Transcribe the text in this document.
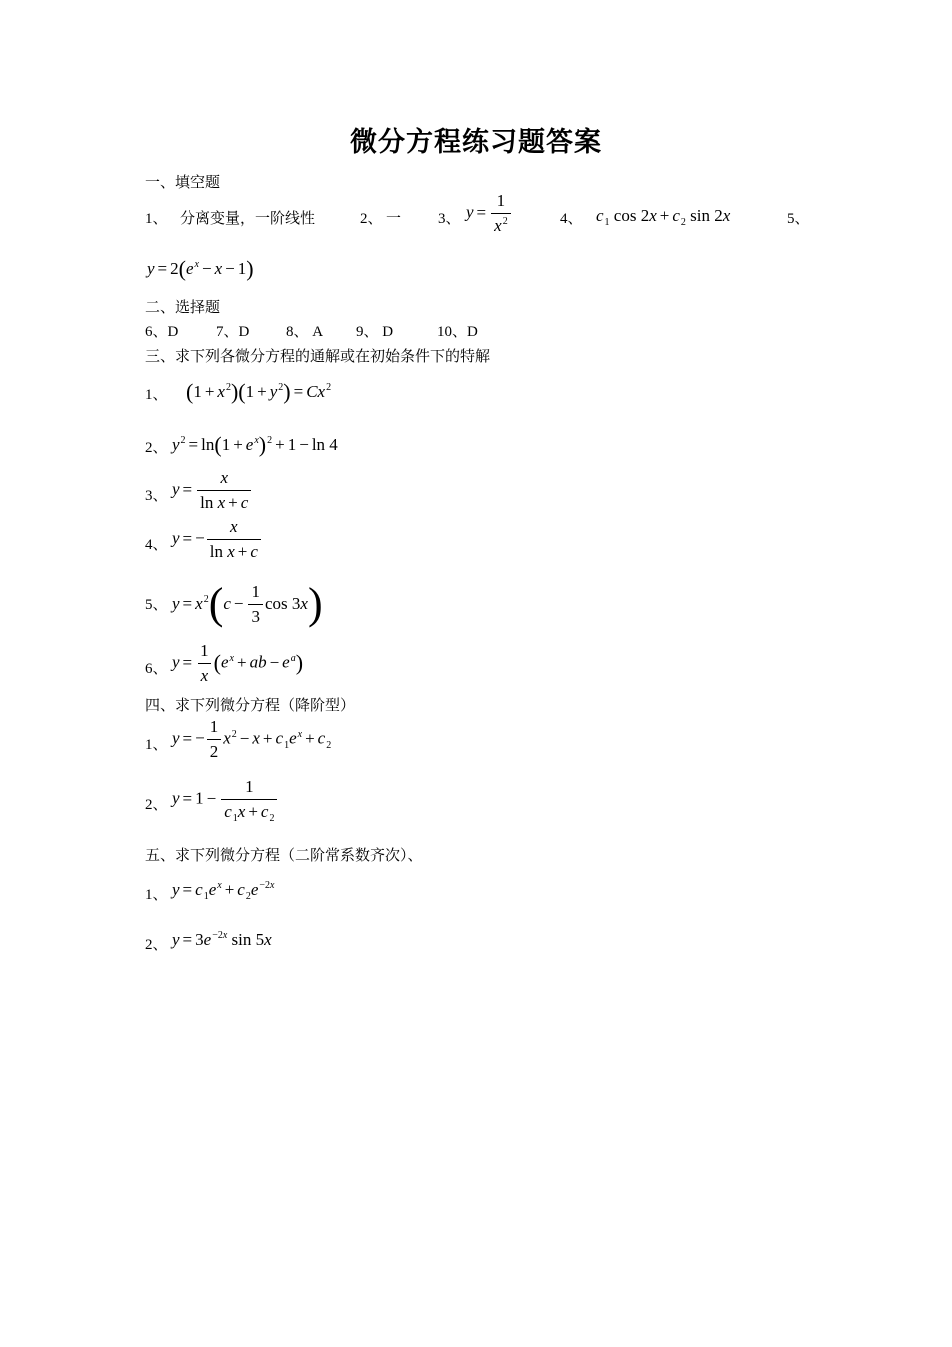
微分方程练习题答案
一、填空题
1、 分离变量，一阶线性	2、 一 3、 $y = \frac{1}{x^2}$	4、 $c_1$ $\cos 2x + c_2$ sin 2x	5、
$y = 2(e^x - x - 1)$
二、选择题
6、D	7、D 8、 A 9、 D	10、D
三、求下列各微分方程的通解或在初始条件下的特解
1、 $(1 + x^2)(1 + y^2) = Cx^2$
2、 $y^2 = \ln(1 + e^x)^2 + 1 - \ln 4$
3、 $y = \frac{x}{\text{ln x + c}}$
4、 y = − $\frac{x}{\text{ln x + c}}$
5、 $y = x^2(c - \frac{1}{3}$ cos 3x)
6、 $y = \frac{1}{x} (e^x$ + ab − $e^a$)
四、求下列微分方程（降阶型）
1、 y = − $\frac{1}{2} x^2 - x + c_1e^x + c_2$
2、 $y = 1 - \frac{1}{c_1x + c_2}$
五、求下列微分方程（二阶常系数齐次）、
1、 $y = c_1e^x + c_2e^{-2x}$
2、 $y = 3e^{-2x}$ sin 5x
